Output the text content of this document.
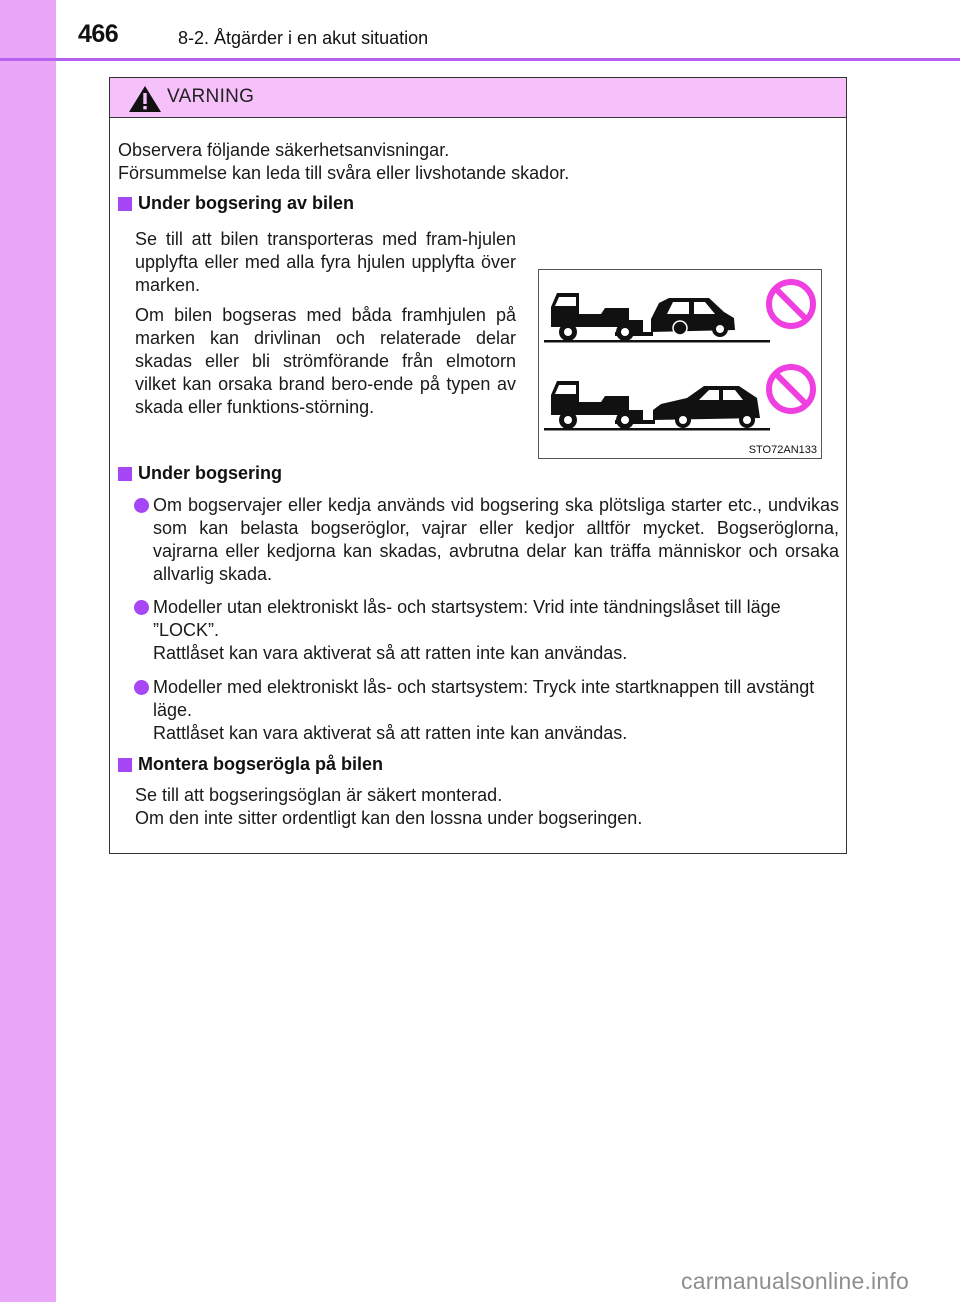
466	8-2. Åtgärder i en akut situation
VARNING
Observera följande säkerhetsanvisningar.
Försummelse kan leda till svåra eller livshotande skador.
Under bogsering av bilen
Se till att bilen transporteras med fram-hjulen upplyfta eller med alla fyra hjulen upplyfta över marken.
Om bilen bogseras med båda framhjulen på marken kan drivlinan och relaterade delar skadas eller bli strömförande från elmotorn vilket kan orsaka brand bero-ende på typen av skada eller funktions-störning.
STO72AN133
Under bogsering
Om bogservajer eller kedja används vid bogsering ska plötsliga starter etc., undvikas som kan belasta bogseröglor, vajrar eller kedjor alltför mycket. Bogseröglorna, vajrarna eller kedjorna kan skadas, avbrutna delar kan träffa människor och orsaka allvarlig skada.
Modeller utan elektroniskt lås- och startsystem: Vrid inte tändningslåset till läge ”LOCK”.
Rattlåset kan vara aktiverat så att ratten inte kan användas.
Modeller med elektroniskt lås- och startsystem: Tryck inte startknappen till avstängt läge.
Rattlåset kan vara aktiverat så att ratten inte kan användas.
Montera bogserögla på bilen
Se till att bogseringsöglan är säkert monterad.
Om den inte sitter ordentligt kan den lossna under bogseringen.
carmanualsonline.info
